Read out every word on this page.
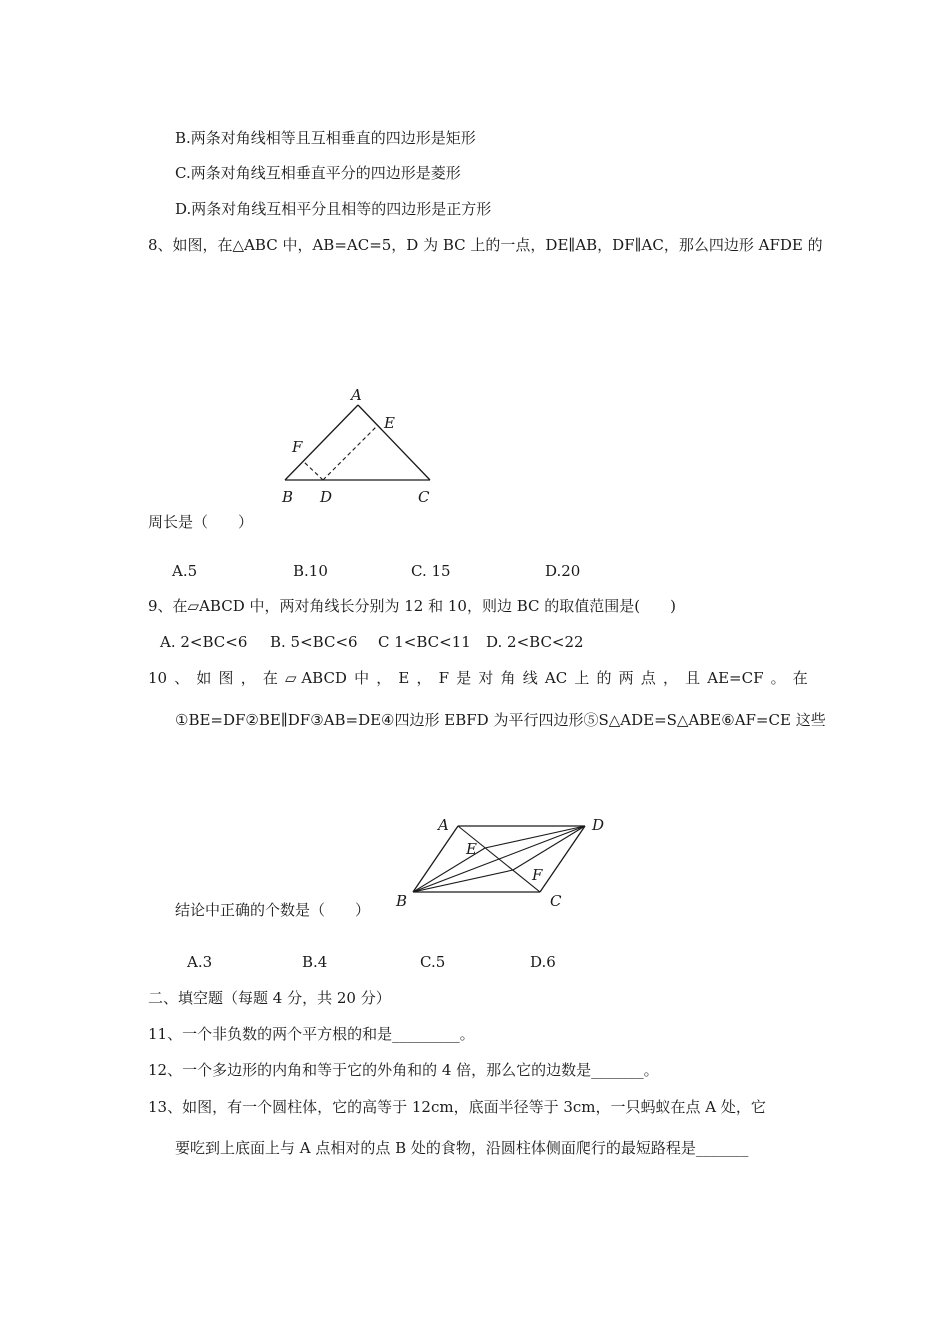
B.两条对角线相等且互相垂直的四边形是矩形
C.两条对角线互相垂直平分的四边形是菱形
D.两条对角线互相平分且相等的四边形是正方形
8、如图，在△ABC 中，AB=AC=5，D 为 BC 上的一点，DE∥AB，DF∥AC，那么四边形 AFDE 的
A
E
F
B D	C
周长是（　　）
A.5	B.10	C. 15	D.20
9、在▱ABCD 中，两对角线长分别为 12 和 10，则边 BC 的取值范围是(　　)
A. 2<BC<6 B. 5<BC<6 C 1<BC<11 D. 2<BC<22
10 、 如 图 ， 在 ▱ ABCD 中 ， E ， F 是 对 角 线 AC 上 的 两 点 ， 且 AE=CF 。 在
①BE=DF②BE∥DF③AB=DE④四边形 EBFD 为平行四边形⑤S△ADE=S△ABE⑥AF=CE 这些
A	D
E
F
B	C
结论中正确的个数是（　　）
A.3	B.4	C.5	D.6
二、填空题（每题 4 分，共 20 分）
11、一个非负数的两个平方根的和是_________。
12、一个多边形的内角和等于它的外角和的 4 倍，那么它的边数是_______。
13、如图，有一个圆柱体，它的高等于 12cm，底面半径等于 3cm，一只蚂蚁在点 A 处，它
要吃到上底面上与 A 点相对的点 B 处的食物，沿圆柱体侧面爬行的最短路程是_______
